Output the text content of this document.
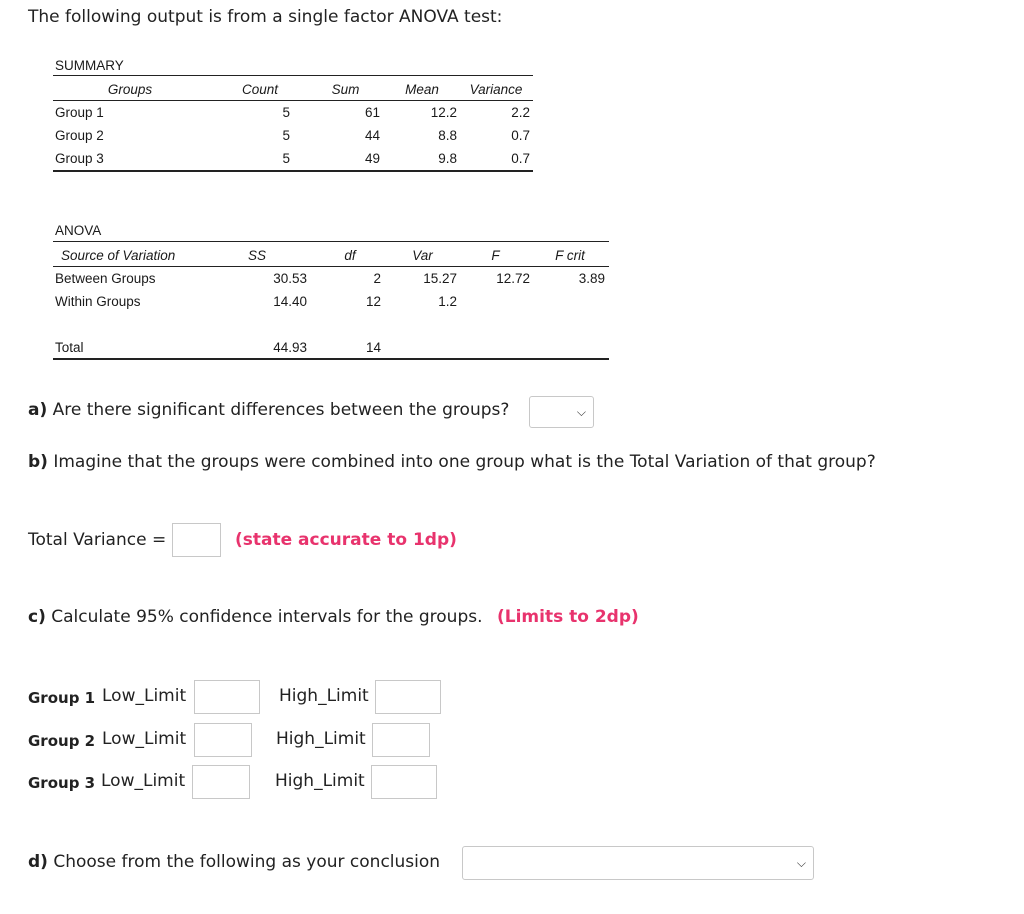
The following output is from a single factor ANOVA test:
SUMMARY
Groups	Count	Sum	Mean	Variance
Group 1	5	61	12.2	2.2
Group 2	5	44	8.8	0.7
Group 3	5	49	9.8	0.7
ANOVA
Source of Variation	SS	df	Var	F	F crit
Between Groups	30.53	2	15.27	12.72	3.89
Within Groups	14.40	12	1.2
Total	44.93	14
a) Are there significant differences between the groups?	⌵
b) Imagine that the groups were combined into one group what is the Total Variation of that group?
Total Variance =	(state accurate to 1dp)
c) Calculate 95% confidence intervals for the groups. (Limits to 2dp)
Group 1 Low_Limit	High_Limit
Group 2 Low_Limit	High_Limit
Group 3 Low_Limit	High_Limit
d) Choose from the following as your conclusion	⌵
